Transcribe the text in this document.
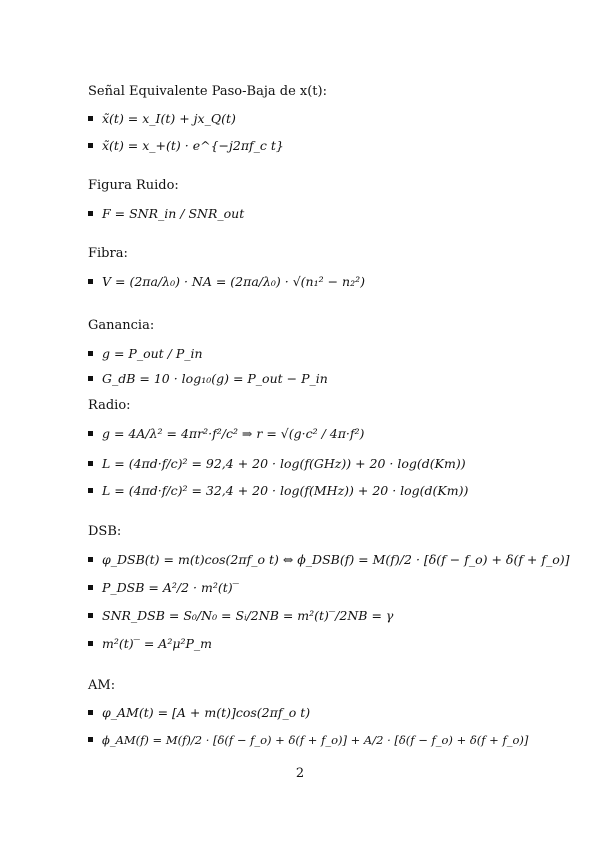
Señal Equivalente Paso-Baja de x(t):
x̃(t) = x_I(t) + jx_Q(t)
x̃(t) = x_+(t) · e^{−j2πf_c t}
Figura Ruido:
F = SNR_in / SNR_out
Fibra:
V = (2πa/λ₀) · NA = (2πa/λ₀) · √(n₁² − n₂²)
Ganancia:
g = P_out / P_in
G_dB = 10 · log₁₀(g) = P_out − P_in
Radio:
g = 4A/λ² = 4πr²·f²/c² ⇒ r = √(g·c² / 4π·f²)
L = (4πd·f/c)² = 92,4 + 20 · log(f(GHz)) + 20 · log(d(Km))
L = (4πd·f/c)² = 32,4 + 20 · log(f(MHz)) + 20 · log(d(Km))
DSB:
φ_DSB(t) = m(t)cos(2πf_o t) ⇔ ϕ_DSB(f) = M(f)/2 · [δ(f − f_o) + δ(f + f_o)]
P_DSB = A²/2 · m²(t)‾
SNR_DSB = S₀/N₀ = Sᵢ/2NB = m²(t)‾/2NB = γ
m²(t)‾ = A²μ²P_m
AM:
φ_AM(t) = [A + m(t)]cos(2πf_o t)
ϕ_AM(f) = M(f)/2 · [δ(f − f_o) + δ(f + f_o)] + A/2 · [δ(f − f_o) + δ(f + f_o)]
2
